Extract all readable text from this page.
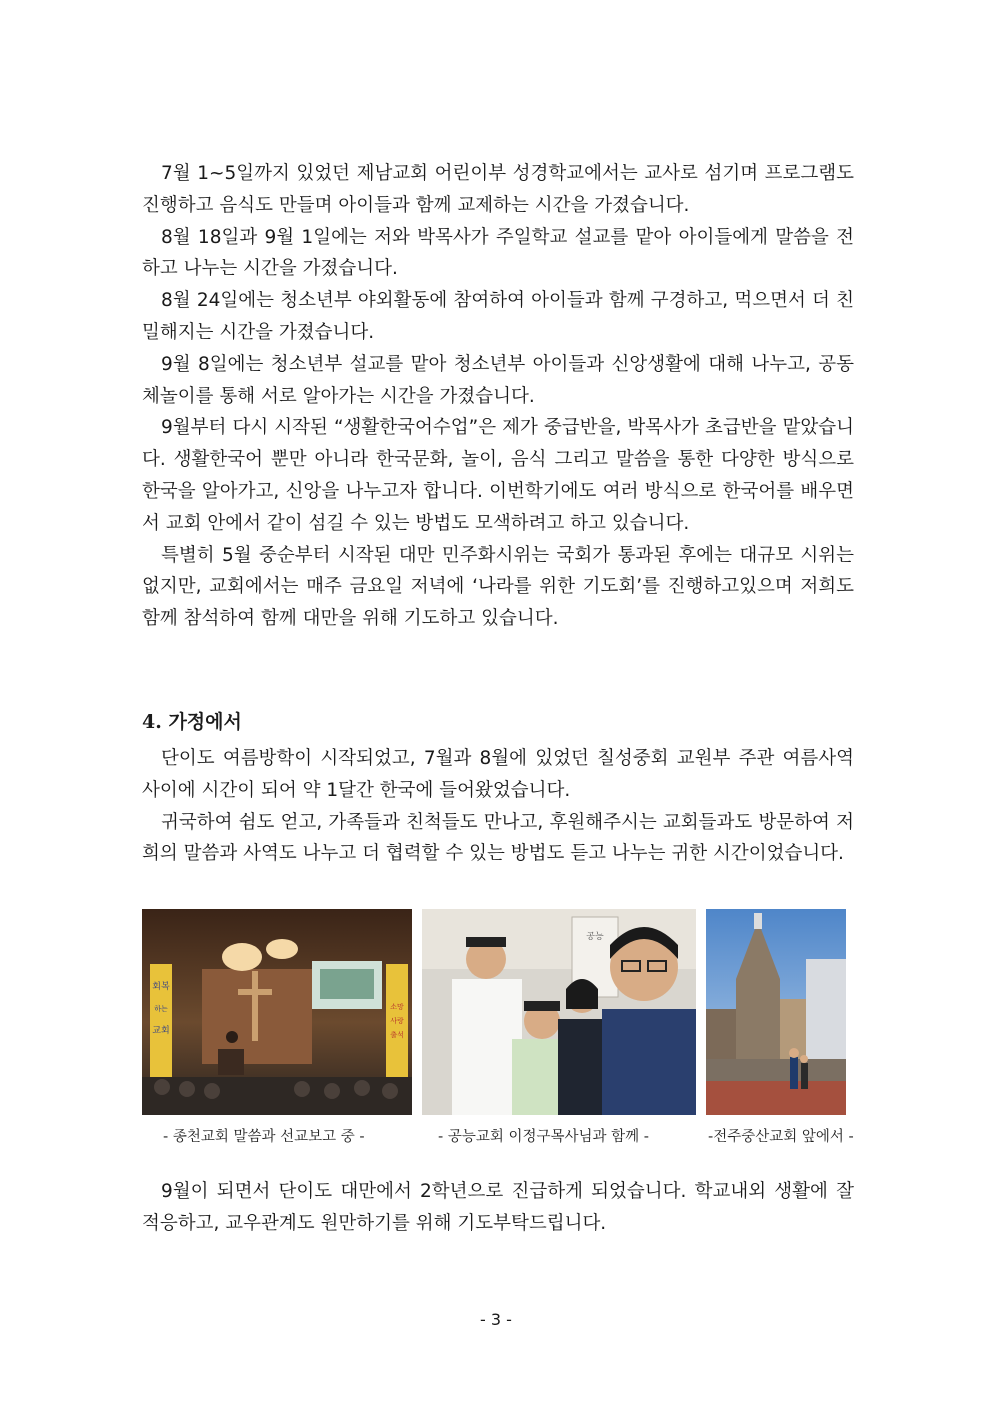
7월 1~5일까지 있었던 제남교회 어린이부 성경학교에서는 교사로 섬기며 프로그램도 진행하고 음식도 만들며 아이들과 함께 교제하는 시간을 가졌습니다.

8월 18일과 9월 1일에는 저와 박목사가 주일학교 설교를 맡아 아이들에게 말씀을 전하고 나누는 시간을 가졌습니다.

8월 24일에는 청소년부 야외활동에 참여하여 아이들과 함께 구경하고, 먹으면서 더 친밀해지는 시간을 가졌습니다.

9월 8일에는 청소년부 설교를 맡아 청소년부 아이들과 신앙생활에 대해 나누고, 공동체놀이를 통해 서로 알아가는 시간을 가졌습니다.

9월부터 다시 시작된 “생활한국어수업”은 제가 중급반을, 박목사가 초급반을 맡았습니다. 생활한국어 뿐만 아니라 한국문화, 놀이, 음식 그리고 말씀을 통한 다양한 방식으로 한국을 알아가고, 신앙을 나누고자 합니다. 이번학기에도 여러 방식으로 한국어를 배우면서 교회 안에서 같이 섬길 수 있는 방법도 모색하려고 하고 있습니다.

특별히 5월 중순부터 시작된 대만 민주화시위는 국회가 통과된 후에는 대규모 시위는 없지만, 교회에서는 매주 금요일 저녁에 ‘나라를 위한 기도회’를 진행하고있으며 저희도 함께 참석하여 함께 대만을 위해 기도하고 있습니다.

4. 가정에서

단이도 여름방학이 시작되었고, 7월과 8월에 있었던 칠성중회 교원부 주관 여름사역 사이에 시간이 되어 약 1달간 한국에 들어왔었습니다.

귀국하여 쉼도 얻고, 가족들과 친척들도 만나고, 후원해주시는 교회들과도 방문하여 저희의 말씀과 사역도 나누고 더 협력할 수 있는 방법도 듣고 나누는 귀한 시간이었습니다.

회복
하는
교회
소망
사랑
출석
공능
- 종천교회 말씀과 선교보고 중 -	- 공능교회 이정구목사님과 함께 -	-전주중산교회 앞에서 -

9월이 되면서 단이도 대만에서 2학년으로 진급하게 되었습니다. 학교내외 생활에 잘 적응하고, 교우관계도 원만하기를 위해 기도부탁드립니다.

- 3 -
